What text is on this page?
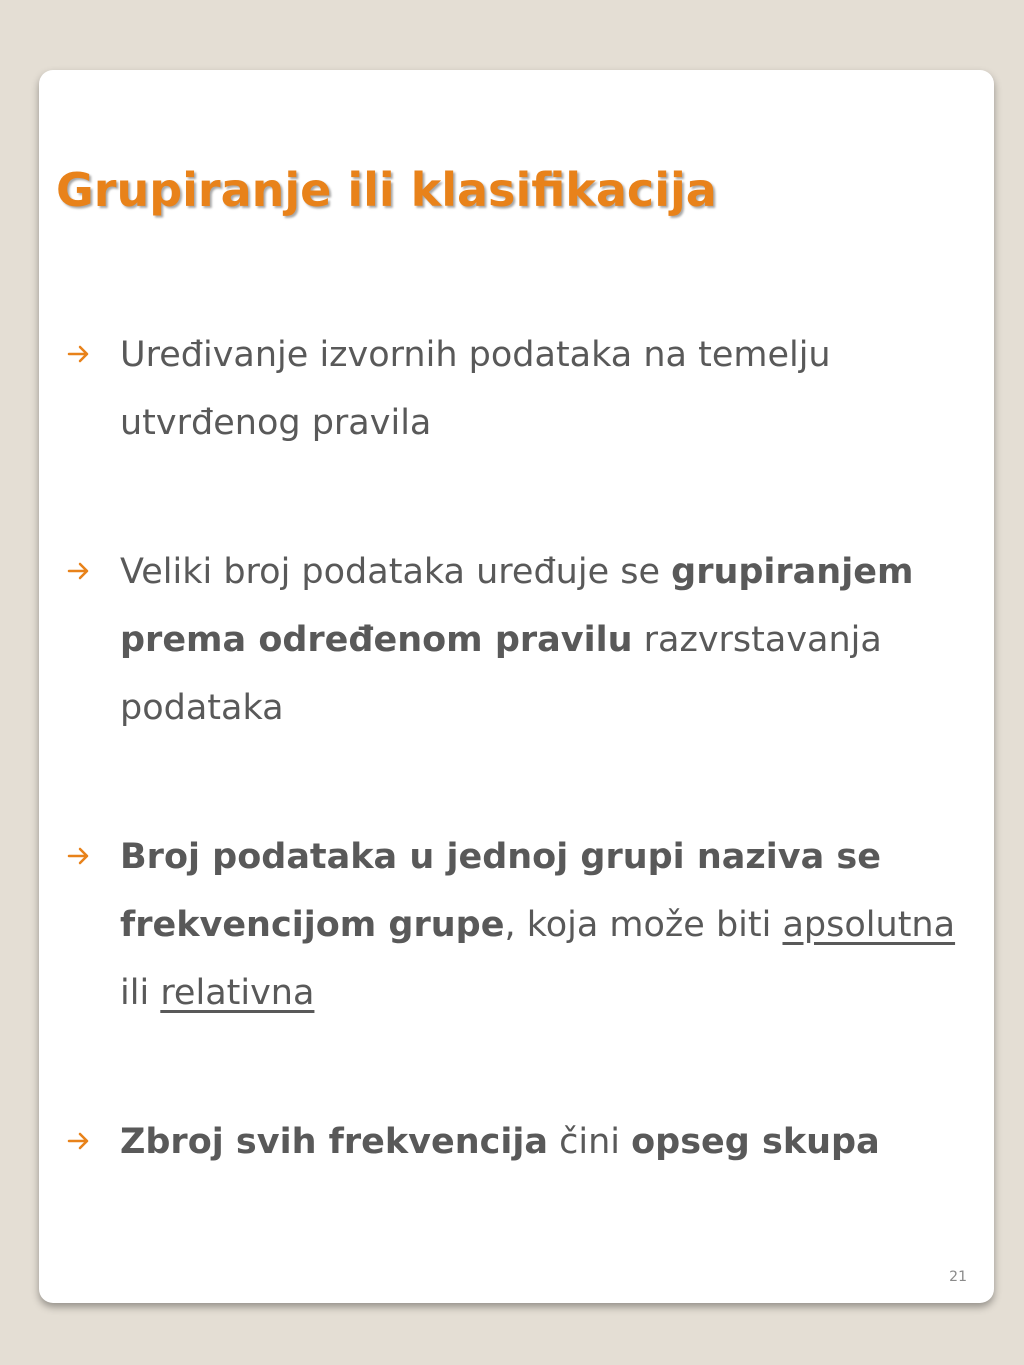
Grupiranje ili klasifikacija
Uređivanje izvornih podataka na temelju utvrđenog pravila
Veliki broj podataka uređuje se grupiranjem prema određenom pravilu razvrstavanja podataka
Broj podataka u jednoj grupi naziva se frekvencijom grupe, koja može biti apsolutna ili relativna
Zbroj svih frekvencija čini opseg skupa
21
